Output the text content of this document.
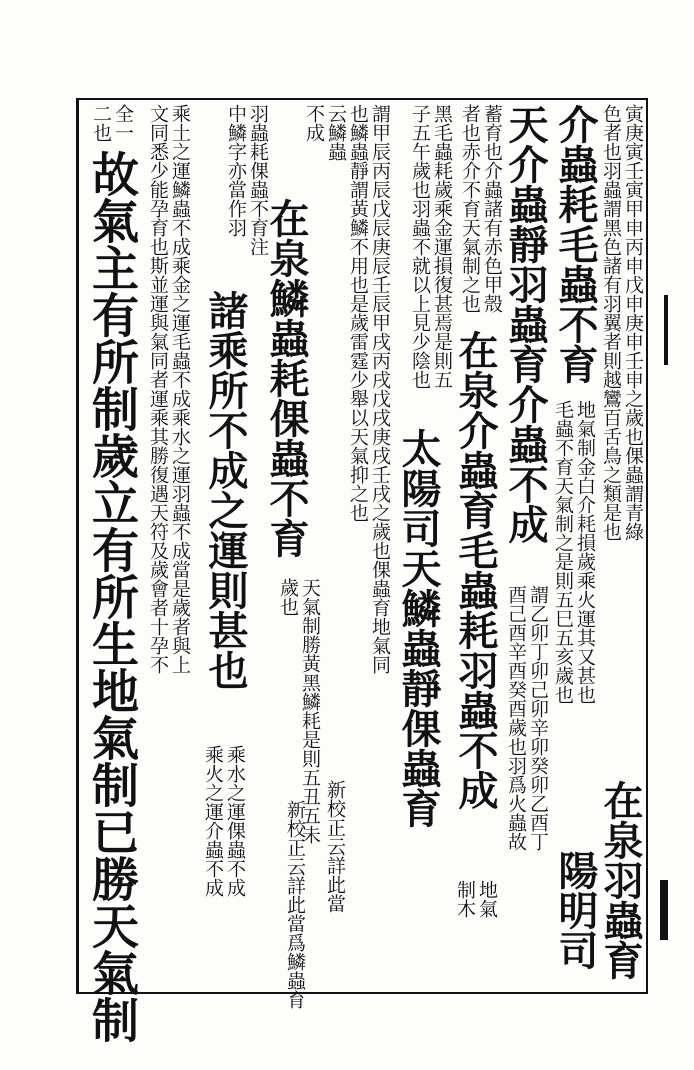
寅庚寅壬寅甲申丙申戊申庚申壬申之歲也倮蟲謂青綠
色者也羽蟲謂黑色諸有羽翼者則越鸞百舌鳥之類是也
在泉羽蟲育
介蟲耗毛蟲不育
地氣制金白介耗損歲乘火運其又甚也
毛蟲不育天氣制之是則五巳五亥歲也
陽明司
天介蟲靜羽蟲育介蟲不成
謂乙卯丁卯己卯辛卯癸卯乙酉丁
酉己酉辛酉癸酉歲也羽爲火蟲故
蓄育也介蟲諸有赤色甲殼
者也赤介不育天氣制之也
在泉介蟲育毛蟲耗羽蟲不成
地氣
制木
黑毛蟲耗歲乘金運損復甚焉是則五
子五午歲也羽蟲不就以上見少陰也
太陽司天鱗蟲靜倮蟲育
謂甲辰丙辰戊辰庚辰壬辰甲戌丙戌戊戌庚戌壬戌之歲也倮蟲育地氣同
也鱗蟲靜謂黃鱗不用也是歲雷霆少舉以天氣抑之也
新校正云詳此當
云鱗蟲
不成
在泉鱗蟲耗倮蟲不育
天氣制勝黃黑鱗耗是則五丑五未
歲也
新校正云詳此當爲鱗蟲育
羽蟲耗倮蟲不育注
中鱗字亦當作羽
諸乘所不成之運則甚也
乘水之運倮蟲不成
乘火之運介蟲不成
乘土之運鱗蟲不成乘金之運毛蟲不成乘水之運羽蟲不成當是歲者與上
文同悉少能孕育也斯並運與氣同者運乘其勝復遇天符及歲會者十孕不
全一
二也
故氣主有所制歲立有所生地氣制已勝天氣制
